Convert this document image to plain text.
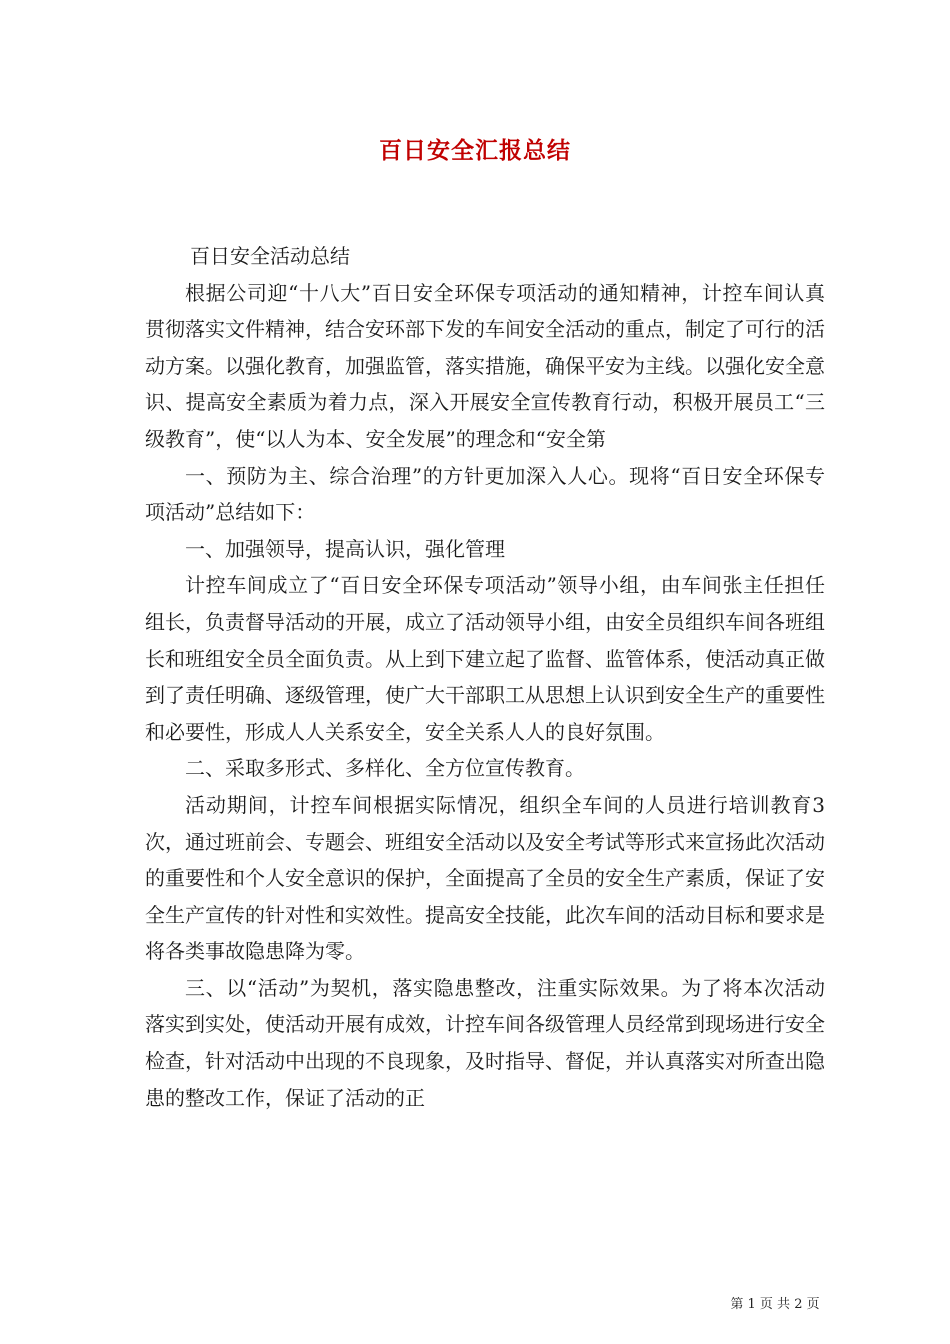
百日安全汇报总结

百日安全活动总结

根据公司迎“十八大”百日安全环保专项活动的通知精神，计控车间认真贯彻落实文件精神，结合安环部下发的车间安全活动的重点，制定了可行的活动方案。以强化教育，加强监管，落实措施，确保平安为主线。以强化安全意识、提高安全素质为着力点，深入开展安全宣传教育行动，积极开展员工“三级教育”，使“以人为本、安全发展”的理念和“安全第

一、预防为主、综合治理”的方针更加深入人心。现将“百日安全环保专项活动”总结如下：

一、加强领导，提高认识，强化管理

计控车间成立了“百日安全环保专项活动”领导小组，由车间张主任担任组长，负责督导活动的开展，成立了活动领导小组，由安全员组织车间各班组长和班组安全员全面负责。从上到下建立起了监督、监管体系，使活动真正做到了责任明确、逐级管理，使广大干部职工从思想上认识到安全生产的重要性和必要性，形成人人关系安全，安全关系人人的良好氛围。

二、采取多形式、多样化、全方位宣传教育。

活动期间，计控车间根据实际情况，组织全车间的人员进行培训教育3次，通过班前会、专题会、班组安全活动以及安全考试等形式来宣扬此次活动的重要性和个人安全意识的保护，全面提高了全员的安全生产素质，保证了安全生产宣传的针对性和实效性。提高安全技能，此次车间的活动目标和要求是将各类事故隐患降为零。

三、以“活动”为契机，落实隐患整改，注重实际效果。为了将本次活动落实到实处，使活动开展有成效，计控车间各级管理人员经常到现场进行安全检查，针对活动中出现的不良现象，及时指导、督促，并认真落实对所查出隐患的整改工作，保证了活动的正

第 1 页 共 2 页
